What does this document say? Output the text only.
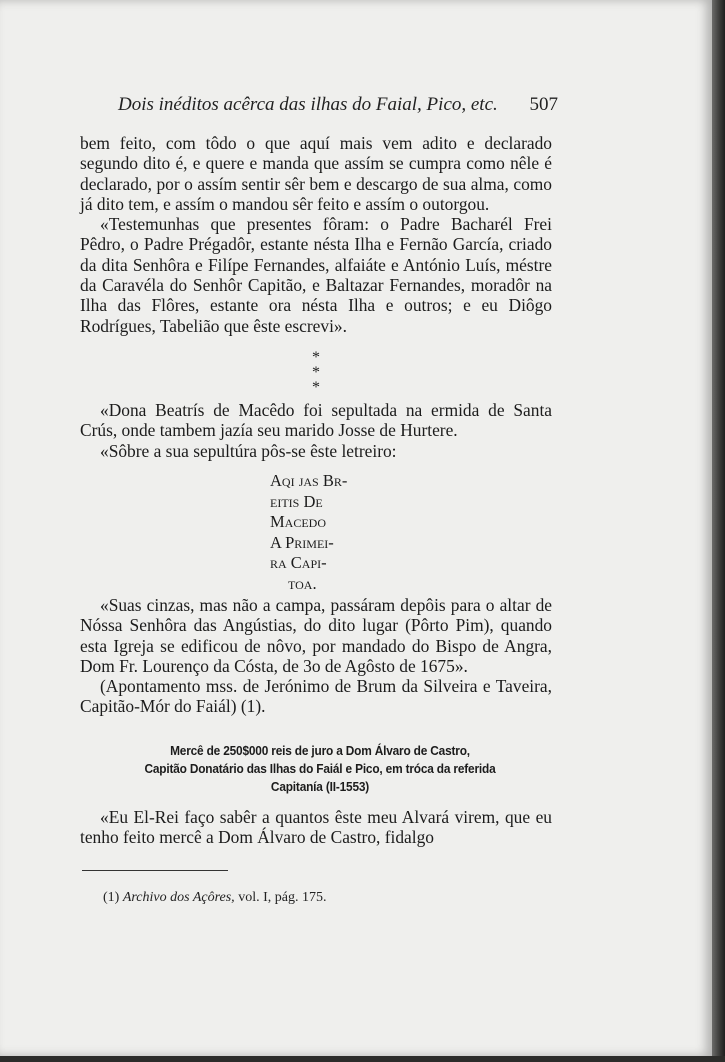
Dois inéditos acêrca das ilhas do Faial, Pico, etc. 507

bem feito, com tôdo o que aquí mais vem adito e declarado segundo dito é, e quere e manda que assím se cumpra como nêle é declarado, por o assím sentir sêr bem e descargo de sua alma, como já dito tem, e assím o mandou sêr feito e assím o outorgou.

«Testemunhas que presentes fôram: o Padre Bacharél Frei Pêdro, o Padre Prégadôr, estante nésta Ilha e Fernão García, criado da dita Senhôra e Filípe Fernandes, alfaiáte e António Luís, méstre da Caravéla do Senhôr Capitão, e Baltazar Fernandes, moradôr na Ilha das Flôres, estante ora nésta Ilha e outros; e eu Diôgo Rodrígues, Tabelião que êste escrevi».

* * *

«Dona Beatrís de Macêdo foi sepultada na ermida de Santa Crús, onde tambem jazía seu marido Josse de Hurtere.

«Sôbre a sua sepultúra pôs-se êste letreiro:

Aqi jas Br-
eitis De
Macedo
A Primei-
ra Capi-
toa.

«Suas cinzas, mas não a campa, passáram depôis para o altar de Nóssa Senhôra das Angústias, do dito lugar (Pôrto Pim), quando esta Igreja se edificou de nôvo, por mandado do Bispo de Angra, Dom Fr. Lourenço da Cósta, de 3o de Agôsto de 1675».

(Apontamento mss. de Jerónimo de Brum da Silveira e Taveira, Capitão-Mór do Faiál) (1).

Mercê de 250$000 reis de juro a Dom Álvaro de Castro,
Capitão Donatário das Ilhas do Faiál e Pico, em tróca da referida
Capitanía (II-1553)

«Eu El-Rei faço sabêr a quantos êste meu Alvará virem, que eu tenho feito mercê a Dom Álvaro de Castro, fidalgo

(1) Archivo dos Açôres, vol. I, pág. 175.
